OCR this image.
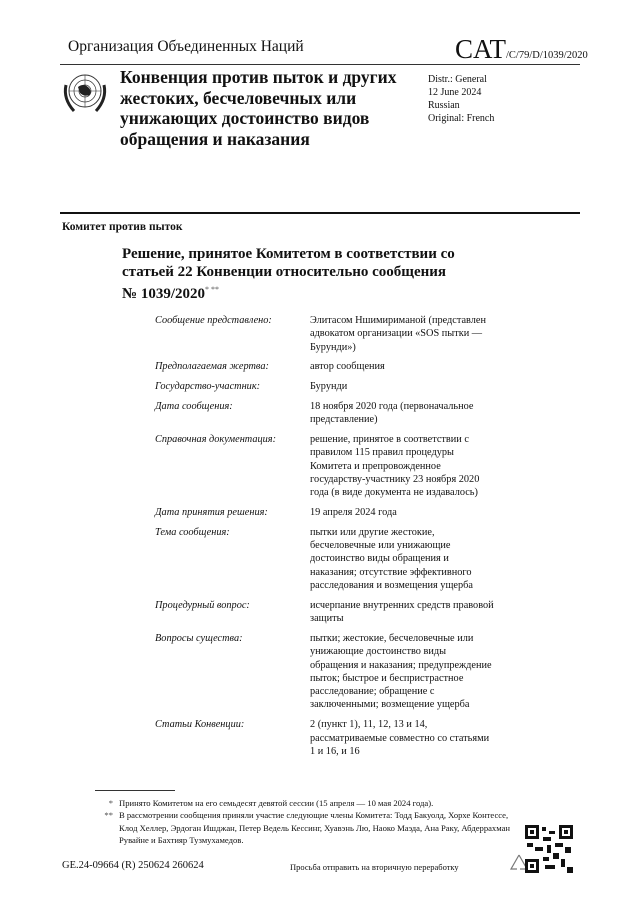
Организация Объединенных Наций	CAT/C/79/D/1039/2020
Конвенция против пыток и других жестоких, бесчеловечных или унижающих достоинство видов обращения и наказания
Distr.: General
12 June 2024
Russian
Original: French
Комитет против пыток
Решение, принятое Комитетом в соответствии со статьей 22 Конвенции относительно сообщения № 1039/2020* **
Сообщение представлено:	Элитасом Ншимиримaной (представлен адвокатом организации «SOS пытки — Бурунди»)
Предполагаемая жертва:	автор сообщения
Государство-участник:	Бурунди
Дата сообщения:	18 ноября 2020 года (первоначальное представление)
Справочная документация:	решение, принятое в соответствии с правилом 115 правил процедуры Комитета и препровожденное государству-участнику 23 ноября 2020 года (в виде документа не издавалось)
Дата принятия решения:	19 апреля 2024 года
Тема сообщения:	пытки или другие жестокие, бесчеловечные или унижающие достоинство виды обращения и наказания; отсутствие эффективного расследования и возмещения ущерба
Процедурный вопрос:	исчерпание внутренних средств правовой защиты
Вопросы существа:	пытки; жестокие, бесчеловечные или унижающие достоинство виды обращения и наказания; предупреждение пыток; быстрое и беспристрастное расследование; обращение с заключенными; возмещение ущерба
Статьи Конвенции:	2 (пункт 1), 11, 12, 13 и 14, рассматриваемые совместно со статьями 1 и 16, и 16
* Принято Комитетом на его семьдесят девятой сессии (15 апреля — 10 мая 2024 года).
** В рассмотрении сообщения приняли участие следующие члены Комитета: Тодд Бакуолд, Хорхе Контессе, Клод Хеллер, Эрдоган Ишджан, Петер Ведель Кессинг, Хуавэнь Лю, Наоко Маэда, Ана Раку, Абдеррахман Рувайне и Бахтияр Тузмухамедов.
GE.24-09664 (R) 250624 260624	Просьба отправить на вторичную переработку
